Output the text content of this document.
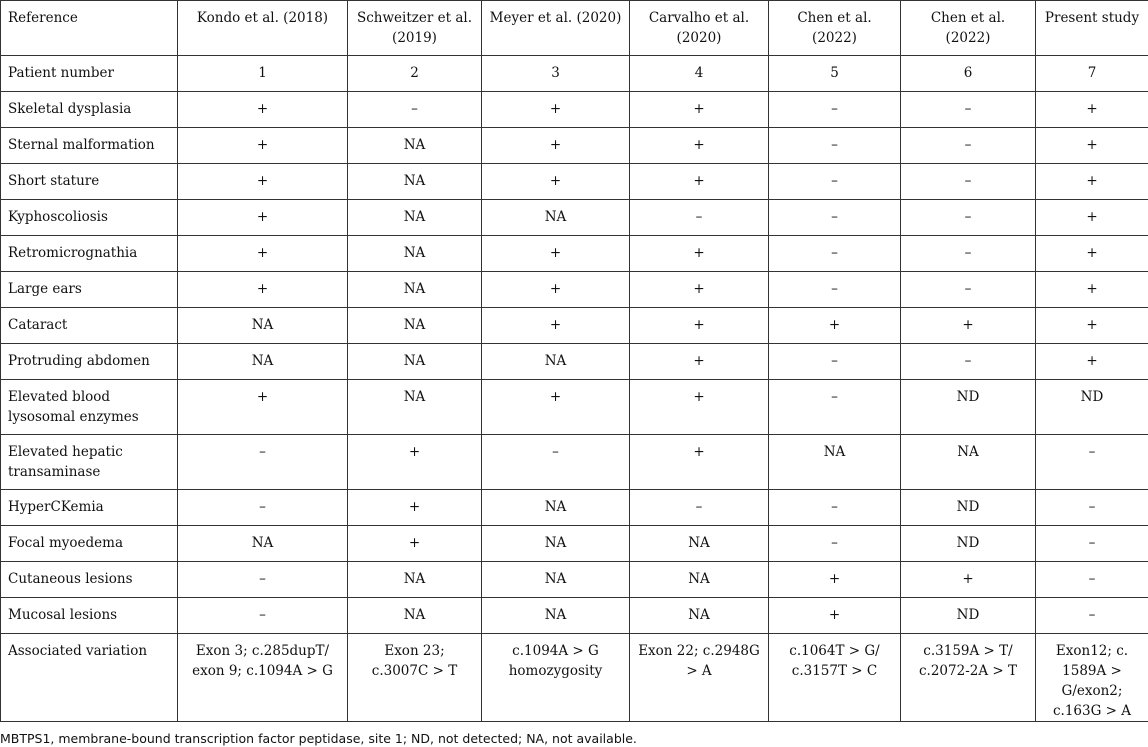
Reference	Kondo et al. (2018)	Schweitzer et al. (2019)	Meyer et al. (2020)	Carvalho et al. (2020)	Chen et al. (2022)	Chen et al. (2022)	Present study
Patient number	1	2	3	4	5	6	7
Skeletal dysplasia	+	–	+	+	–	–	+
Sternal malformation	+	NA	+	+	–	–	+
Short stature	+	NA	+	+	–	–	+
Kyphoscoliosis	+	NA	NA	–	–	–	+
Retromicrognathia	+	NA	+	+	–	–	+
Large ears	+	NA	+	+	–	–	+
Cataract	NA	NA	+	+	+	+	+
Protruding abdomen	NA	NA	NA	+	–	–	+
Elevated blood lysosomal enzymes	+	NA	+	+	–	ND	ND
Elevated hepatic transaminase	–	+	–	+	NA	NA	–
HyperCKemia	–	+	NA	–	–	ND	–
Focal myoedema	NA	+	NA	NA	–	ND	–
Cutaneous lesions	–	NA	NA	NA	+	+	–
Mucosal lesions	–	NA	NA	NA	+	ND	–
Associated variation	Exon 3; c.285dupT/ exon 9; c.1094A > G	Exon 23; c.3007C > T	c.1094A > G homozygosity	Exon 22; c.2948G > A	c.1064T > G/ c.3157T > C	c.3159A > T/ c.2072-2A > T	Exon12; c. 1589A > G/exon2; c.163G > A

MBTPS1, membrane-bound transcription factor peptidase, site 1; ND, not detected; NA, not available.
